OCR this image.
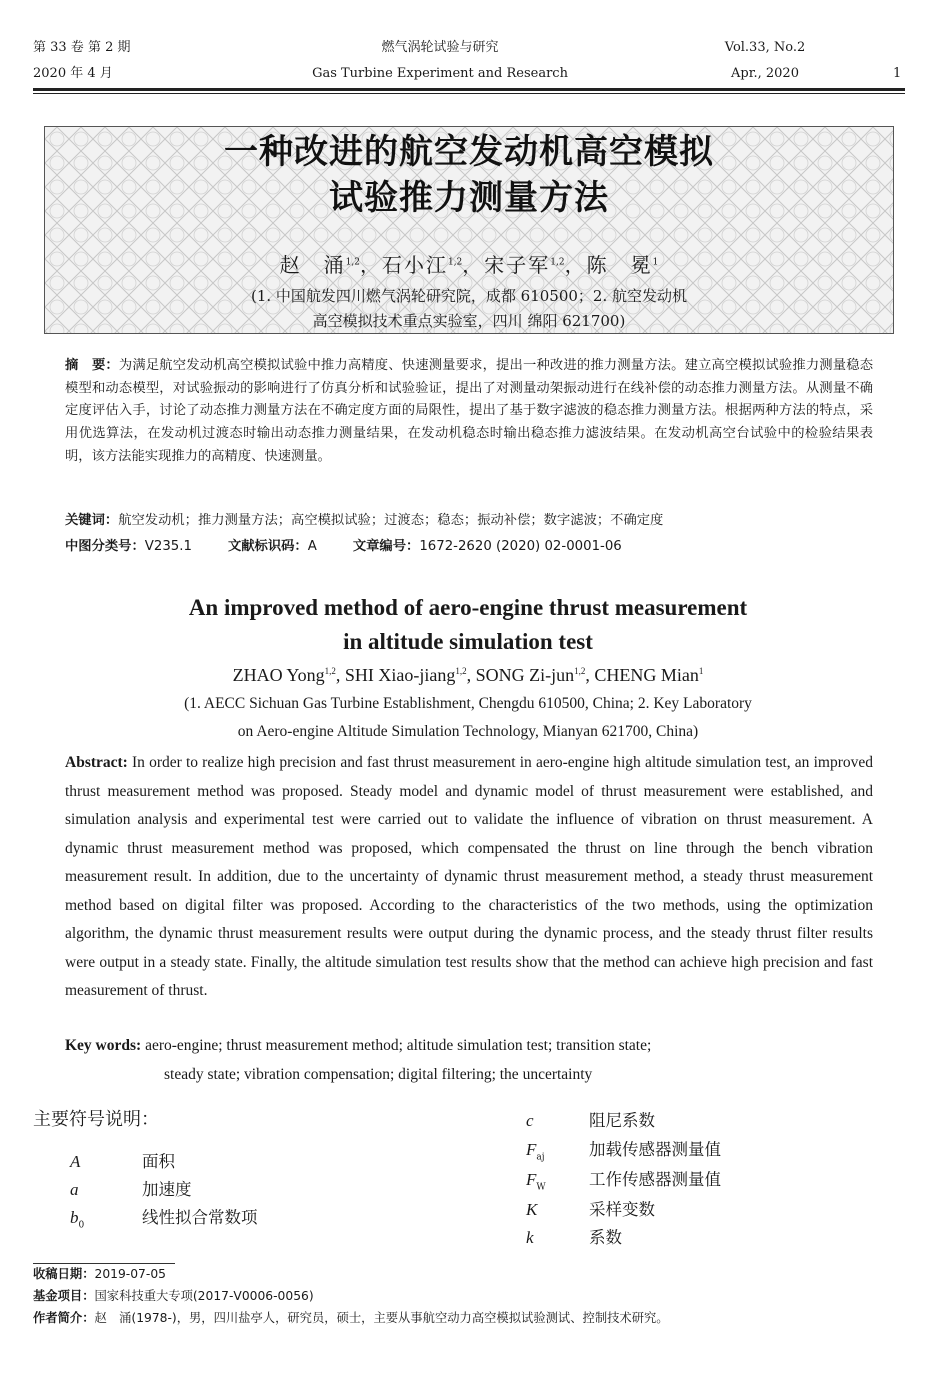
第 33 卷 第 2 期
2020 年 4 月
燃气涡轮试验与研究
Gas Turbine Experiment and Research
Vol.33, No.2
Apr., 2020	1
一种改进的航空发动机高空模拟
试验推力测量方法
赵　涌$^{1,2}$，石小江$^{1,2}$，宋子军$^{1,2}$，陈　冕$^1$
(1. 中国航发四川燃气涡轮研究院，成都 610500；2. 航空发动机
高空模拟技术重点实验室，四川 绵阳 621700)
摘　要：为满足航空发动机高空模拟试验中推力高精度、快速测量要求，提出一种改进的推力测量方法。建立高空模拟试验推力测量稳态模型和动态模型，对试验振动的影响进行了仿真分析和试验验证，提出了对测量动架振动进行在线补偿的动态推力测量方法。从测量不确定度评估入手，讨论了动态推力测量方法在不确定度方面的局限性，提出了基于数字滤波的稳态推力测量方法。根据两种方法的特点，采用优选算法，在发动机过渡态时输出动态推力测量结果，在发动机稳态时输出稳态推力滤波结果。在发动机高空台试验中的检验结果表明，该方法能实现推力的高精度、快速测量。
关键词：航空发动机；推力测量方法；高空模拟试验；过渡态；稳态；振动补偿；数字滤波；不确定度
中图分类号：V235.1	文献标识码：A	文章编号：1672-2620 (2020) 02-0001-06
An improved method of aero-engine thrust measurement
in altitude simulation test
ZHAO Yong$^{1,2}$, SHI Xiao-jiang$^{1,2}$, SONG Zi-jun$^{1,2}$, CHENG Mian$^1$
(1. AECC Sichuan Gas Turbine Establishment, Chengdu 610500, China; 2. Key Laboratory
on Aero-engine Altitude Simulation Technology, Mianyan 621700, China)
Abstract: In order to realize high precision and fast thrust measurement in aero-engine high altitude simulation test, an improved thrust measurement method was proposed. Steady model and dynamic model of thrust measurement were established, and simulation analysis and experimental test were carried out to validate the influence of vibration on thrust measurement. A dynamic thrust measurement method was proposed, which compensated the thrust on line through the bench vibration measurement result. In addition, due to the uncertainty of dynamic thrust measurement method, a steady thrust measurement method based on digital filter was proposed. According to the characteristics of the two methods, using the optimization algorithm, the dynamic thrust measurement results were output during the dynamic process, and the steady thrust filter results were output in a steady state. Finally, the altitude simulation test results show that the method can achieve high precision and fast measurement of thrust.
Key words: aero-engine; thrust measurement method; altitude simulation test; transition state;
steady state; vibration compensation; digital filtering; the uncertainty
主要符号说明：
A	面积
a	加速度
$b_0$	线性拟合常数项
c	阻尼系数
$F_{aj}$	加载传感器测量值
$F_W$	工作传感器测量值
K	采样变数
k	系数
收稿日期：2019-07-05
基金项目：国家科技重大专项(2017-V0006-0056)
作者简介：赵　涌(1978-)，男，四川盐亭人，研究员，硕士，主要从事航空动力高空模拟试验测试、控制技术研究。
